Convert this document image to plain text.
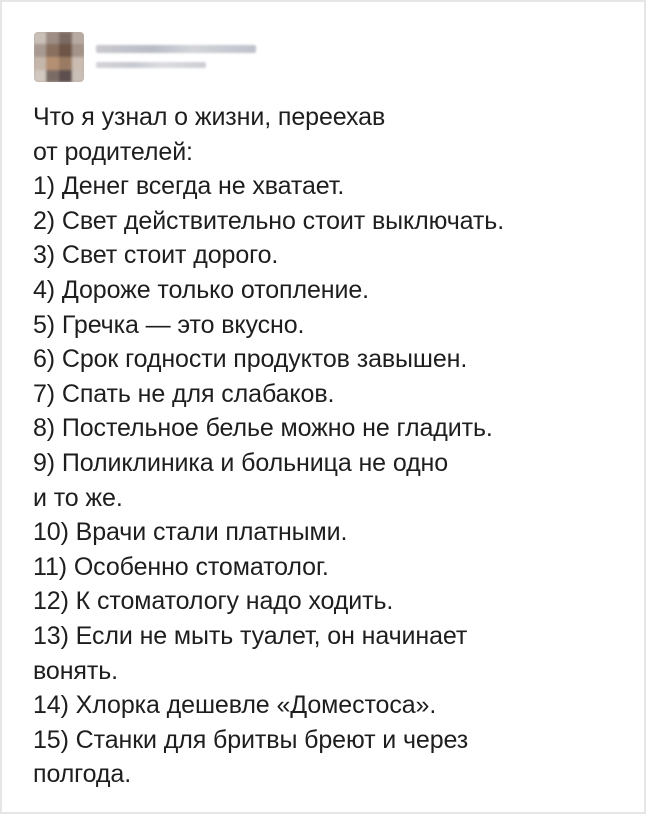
Что я узнал о жизни, переехав
от родителей:
1) Денег всегда не хватает.
2) Свет действительно стоит выключать.
3) Свет стоит дорого.
4) Дороже только отопление.
5) Гречка — это вкусно.
6) Срок годности продуктов завышен.
7) Спать не для слабаков.
8) Постельное белье можно не гладить.
9) Поликлиника и больница не одно
и то же.
10) Врачи стали платными.
11) Особенно стоматолог.
12) К стоматологу надо ходить.
13) Если не мыть туалет, он начинает
вонять.
14) Хлорка дешевле «Доместоса».
15) Станки для бритвы бреют и через
полгода.
